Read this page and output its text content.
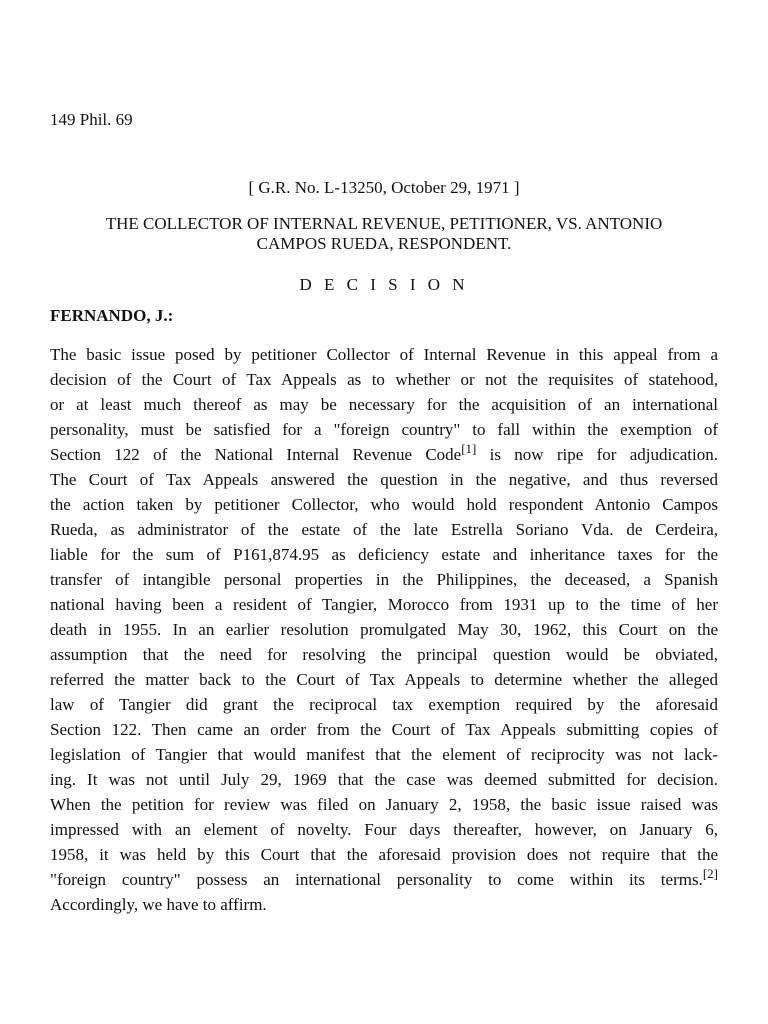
149 Phil. 69
[ G.R. No. L-13250, October 29, 1971 ]
THE COLLECTOR OF INTERNAL REVENUE, PETITIONER, VS. ANTONIO
CAMPOS RUEDA, RESPONDENT.
D E C I S I O N
FERNANDO, J.:
The basic issue posed by petitioner Collector of Internal Revenue in this appeal from a
decision of the Court of Tax Appeals as to whether or not the requisites of statehood,
or at least much thereof as may be necessary for the acquisition of an international
personality, must be satisfied for a "foreign country" to fall within the exemption of
Section 122 of the National Internal Revenue Code[1] is now ripe for adjudication.
The Court of Tax Appeals answered the question in the negative, and thus reversed
the action taken by petitioner Collector, who would hold respondent Antonio Campos
Rueda, as administrator of the estate of the late Estrella Soriano Vda. de Cerdeira,
liable for the sum of P161,874.95 as deficiency estate and inheritance taxes for the
transfer of intangible personal properties in the Philippines, the deceased, a Spanish
national having been a resident of Tangier, Morocco from 1931 up to the time of her
death in 1955. In an earlier resolution promulgated May 30, 1962, this Court on the
assumption that the need for resolving the principal question would be obviated,
referred the matter back to the Court of Tax Appeals to determine whether the alleged
law of Tangier did grant the reciprocal tax exemption required by the aforesaid
Section 122. Then came an order from the Court of Tax Appeals submitting copies of
legislation of Tangier that would manifest that the element of reciprocity was not lack-
ing. It was not until July 29, 1969 that the case was deemed submitted for decision.
When the petition for review was filed on January 2, 1958, the basic issue raised was
impressed with an element of novelty. Four days thereafter, however, on January 6,
1958, it was held by this Court that the aforesaid provision does not require that the
"foreign country" possess an international personality to come within its terms.[2]
Accordingly, we have to affirm.
